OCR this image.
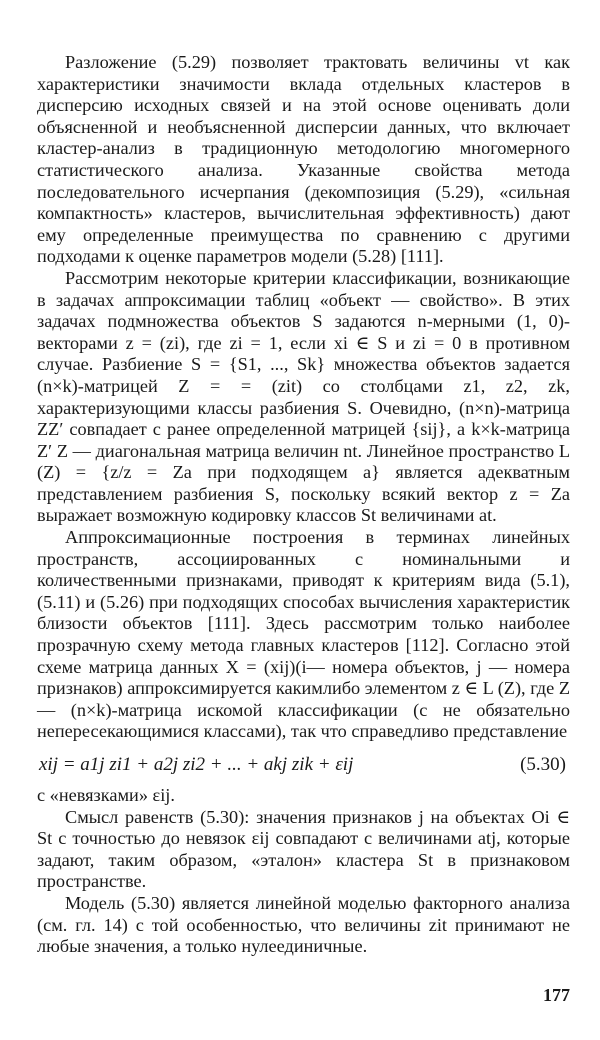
Разложение (5.29) позволяет трактовать величины vt как характеристики значимости вклада отдельных кластеров в дисперсию исходных связей и на этой основе оценивать доли объясненной и необъясненной дисперсии данных, что включает кластер-анализ в традиционную методологию многомерного статистического анализа. Указанные свойства метода последовательного исчерпания (декомпозиция (5.29), «сильная компактность» кластеров, вычислительная эффективность) дают ему определенные преимущества по сравнению с другими подходами к оценке параметров модели (5.28) [111].

Рассмотрим некоторые критерии классификации, возникающие в задачах аппроксимации таблиц «объект — свойство». В этих задачах подмножества объектов S задаются n-мерными (1, 0)-векторами z = (zi), где zi = 1, если xi ∈ S и zi = 0 в противном случае. Разбиение S = {S1, ..., Sk} множества объектов задается (n×k)-матрицей Z = = (zit) со столбцами z1, z2, zk, характеризующими классы разбиения S. Очевидно, (n×n)-матрица ZZ′ совпадает с ранее определенной матрицей {sij}, а k×k-матрица Z′ Z — диагональная матрица величин nt. Линейное пространство L (Z) = {z/z = Za при подходящем a} является адекватным представлением разбиения S, поскольку всякий вектор z = Za выражает возможную кодировку классов St величинами at.

Аппроксимационные построения в терминах линейных пространств, ассоциированных с номинальными и количественными признаками, приводят к критериям вида (5.1), (5.11) и (5.26) при подходящих способах вычисления характеристик близости объектов [111]. Здесь рассмотрим только наиболее прозрачную схему метода главных кластеров [112]. Согласно этой схеме матрица данных X = (xij)(i— номера объектов, j — номера признаков) аппроксимируется какимлибо элементом z ∈ L (Z), где Z — (n×k)-матрица искомой классификации (с не обязательно непересекающимися классами), так что справедливо представление

xij = a1j zi1 + a2j zi2 + ... + akj zik + εij	(5.30)

с «невязками» εij.

Смысл равенств (5.30): значения признаков j на объектах Oi ∈ St с точностью до невязок εij совпадают с величинами atj, которые задают, таким образом, «эталон» кластера St в признаковом пространстве.

Модель (5.30) является линейной моделью факторного анализа (см. гл. 14) с той особенностью, что величины zit принимают не любые значения, а только нулеединичные.

177
